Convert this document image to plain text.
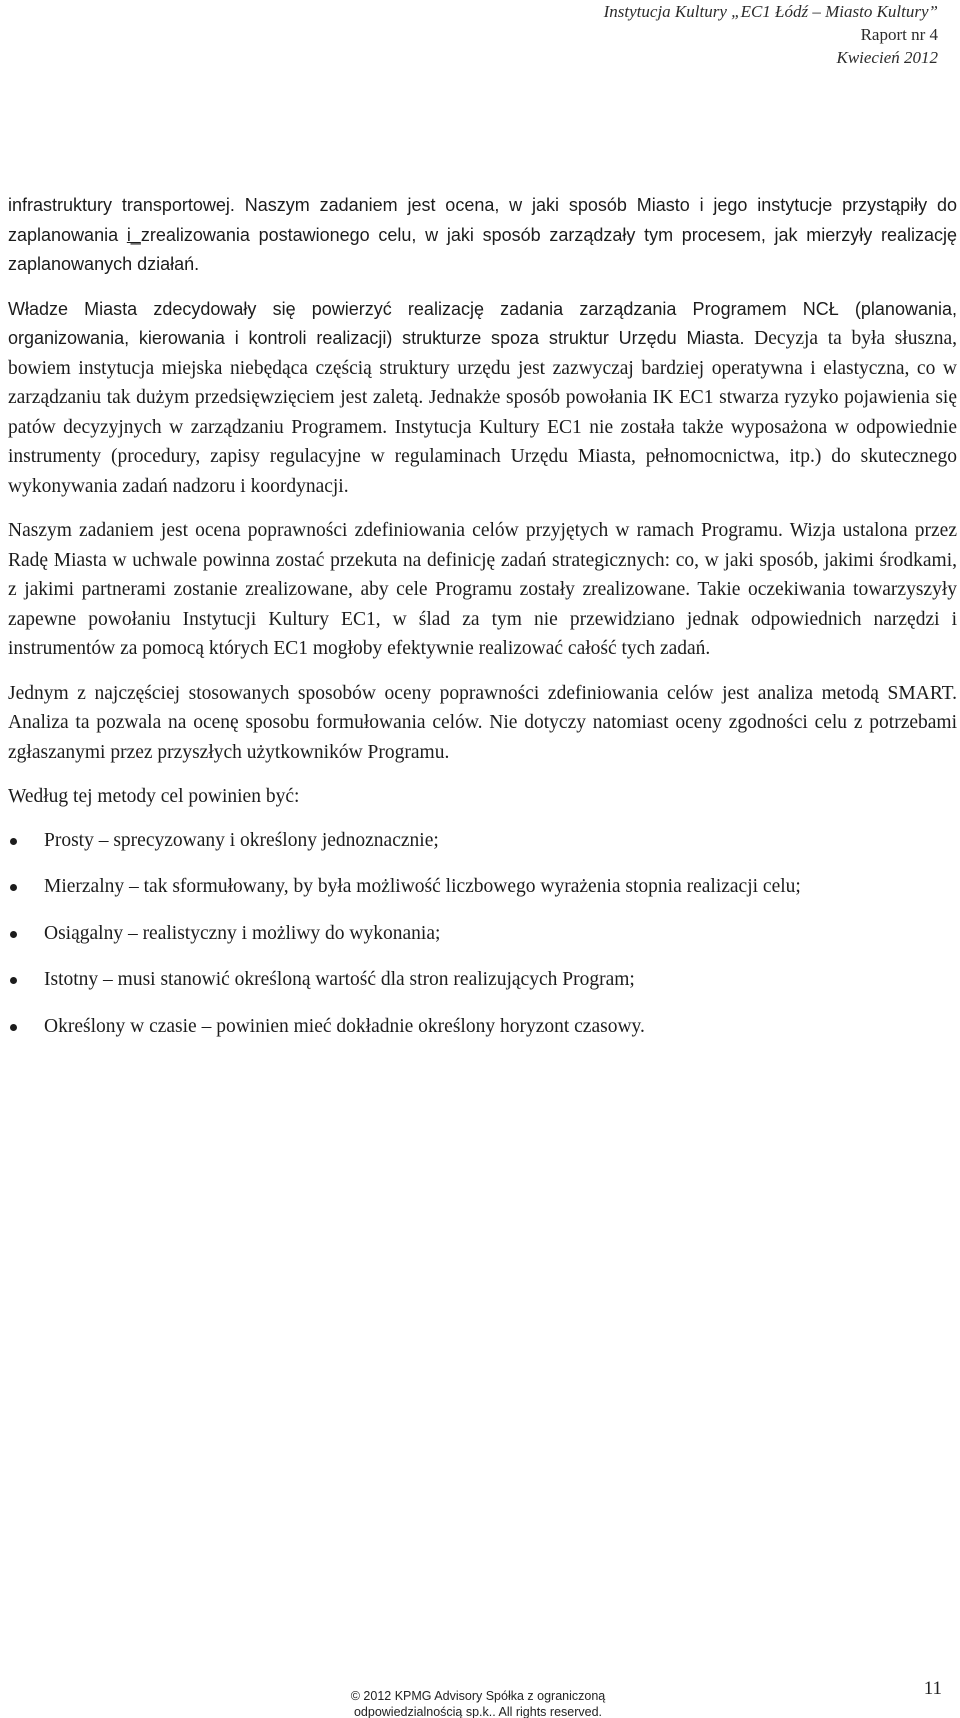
Instytucja Kultury „EC1 Łódź – Miasto Kultury”
Raport nr 4
Kwiecień 2012

infrastruktury transportowej. Naszym zadaniem jest ocena, w jaki sposób Miasto i jego instytucje przystąpiły do zaplanowania i_zrealizowania postawionego celu, w jaki sposób zarządzały tym procesem, jak mierzyły realizację zaplanowanych działań.

Władze Miasta zdecydowały się powierzyć realizację zadania zarządzania Programem NCŁ (planowania, organizowania, kierowania i kontroli realizacji) strukturze spoza struktur Urzędu Miasta. Decyzja ta była słuszna, bowiem instytucja miejska niebędąca częścią struktury urzędu jest zazwyczaj bardziej operatywna i elastyczna, co w zarządzaniu tak dużym przedsięwzięciem jest zaletą. Jednakże sposób powołania IK EC1 stwarza ryzyko pojawienia się patów decyzyjnych w zarządzaniu Programem. Instytucja Kultury EC1 nie została także wyposażona w odpowiednie instrumenty (procedury, zapisy regulacyjne w regulaminach Urzędu Miasta, pełnomocnictwa, itp.) do skutecznego wykonywania zadań nadzoru i koordynacji.

Naszym zadaniem jest ocena poprawności zdefiniowania celów przyjętych w ramach Programu. Wizja ustalona przez Radę Miasta w uchwale powinna zostać przekuta na definicję zadań strategicznych: co, w jaki sposób, jakimi środkami, z jakimi partnerami zostanie zrealizowane, aby cele Programu zostały zrealizowane. Takie oczekiwania towarzyszyły zapewne powołaniu Instytucji Kultury EC1, w ślad za tym nie przewidziano jednak odpowiednich narzędzi i instrumentów za pomocą których EC1 mogłoby efektywnie realizować całość tych zadań.

Jednym z najczęściej stosowanych sposobów oceny poprawności zdefiniowania celów jest analiza metodą SMART. Analiza ta pozwala na ocenę sposobu formułowania celów. Nie dotyczy natomiast oceny zgodności celu z potrzebami zgłaszanymi przez przyszłych użytkowników Programu.

Według tej metody cel powinien być:

Prosty – sprecyzowany i określony jednoznacznie;
Mierzalny – tak sformułowany, by była możliwość liczbowego wyrażenia stopnia realizacji celu;
Osiągalny – realistyczny i możliwy do wykonania;
Istotny – musi stanowić określoną wartość dla stron realizujących Program;
Określony w czasie – powinien mieć dokładnie określony horyzont czasowy.
© 2012 KPMG Advisory Spółka z ograniczoną
odpowiedzialnością sp.k.. All rights reserved.
11
